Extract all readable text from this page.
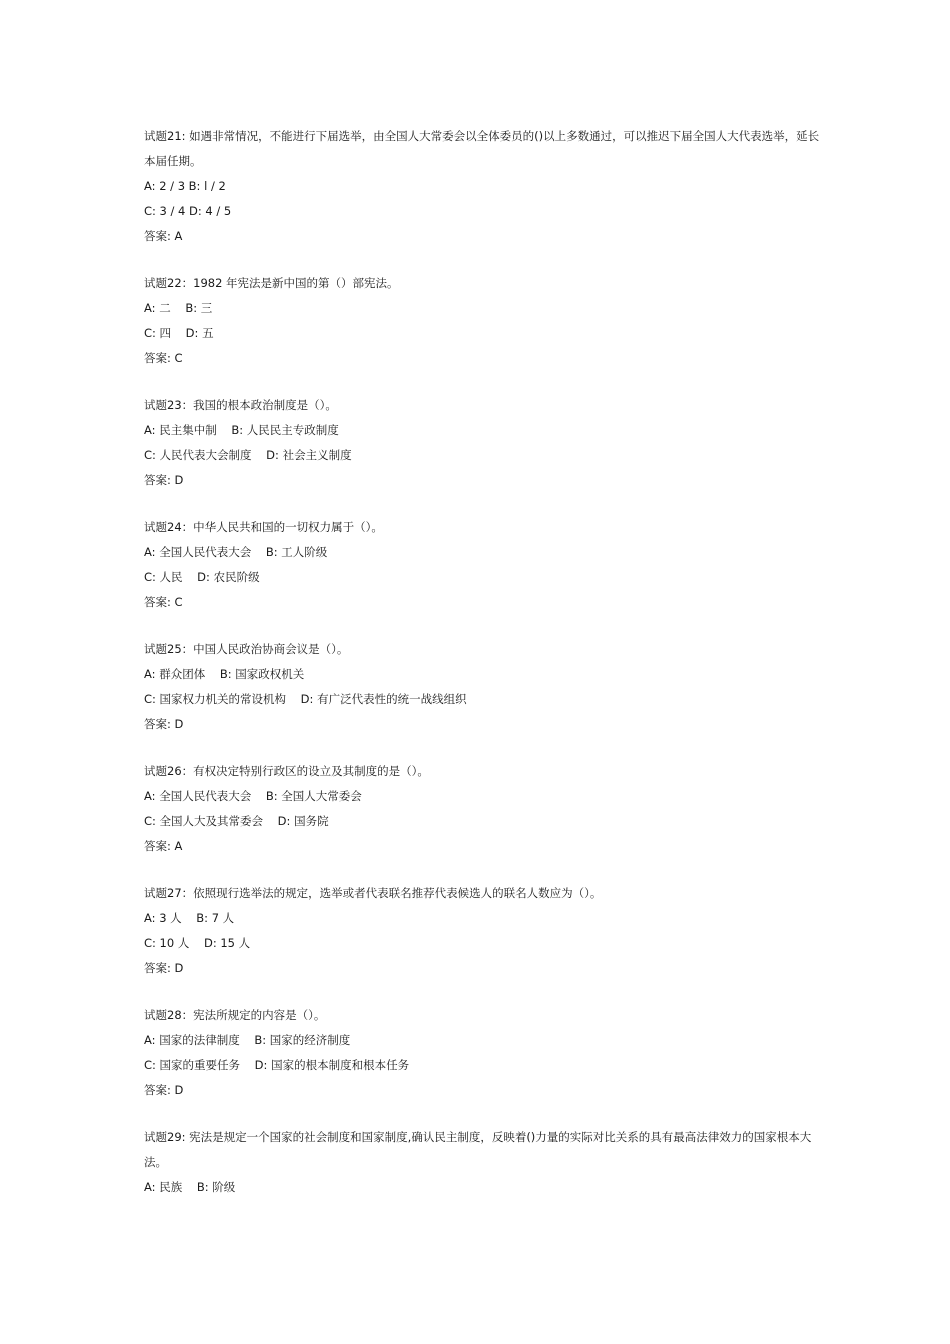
试题21: 如遇非常情况，不能进行下届选举，由全国人大常委会以全体委员的()以上多数通过，可以推迟下届全国人大代表选举，延长本届任期。
A: 2 / 3 B: l / 2
C: 3 / 4 D: 4 / 5
答案: A
试题22：1982 年宪法是新中国的第（）部宪法。
A: 二    B: 三
C: 四    D: 五
答案: C
试题23：我国的根本政治制度是（）。
A: 民主集中制    B: 人民民主专政制度
C: 人民代表大会制度    D: 社会主义制度
答案: D
试题24：中华人民共和国的一切权力属于（）。
A: 全国人民代表大会    B: 工人阶级
C: 人民    D: 农民阶级
答案: C
试题25：中国人民政治协商会议是（）。
A: 群众团体    B: 国家政权机关
C: 国家权力机关的常设机构    D: 有广泛代表性的统一战线组织
答案: D
试题26：有权决定特别行政区的设立及其制度的是（）。
A: 全国人民代表大会    B: 全国人大常委会
C: 全国人大及其常委会    D: 国务院
答案: A
试题27：依照现行选举法的规定，选举或者代表联名推荐代表候选人的联名人数应为（）。
A: 3 人    B: 7 人
C: 10 人    D: 15 人
答案: D
试题28：宪法所规定的内容是（）。
A: 国家的法律制度    B: 国家的经济制度
C: 国家的重要任务    D: 国家的根本制度和根本任务
答案: D
试题29: 宪法是规定一个国家的社会制度和国家制度,确认民主制度，反映着()力量的实际对比关系的具有最高法律效力的国家根本大法。
A: 民族    B: 阶级
